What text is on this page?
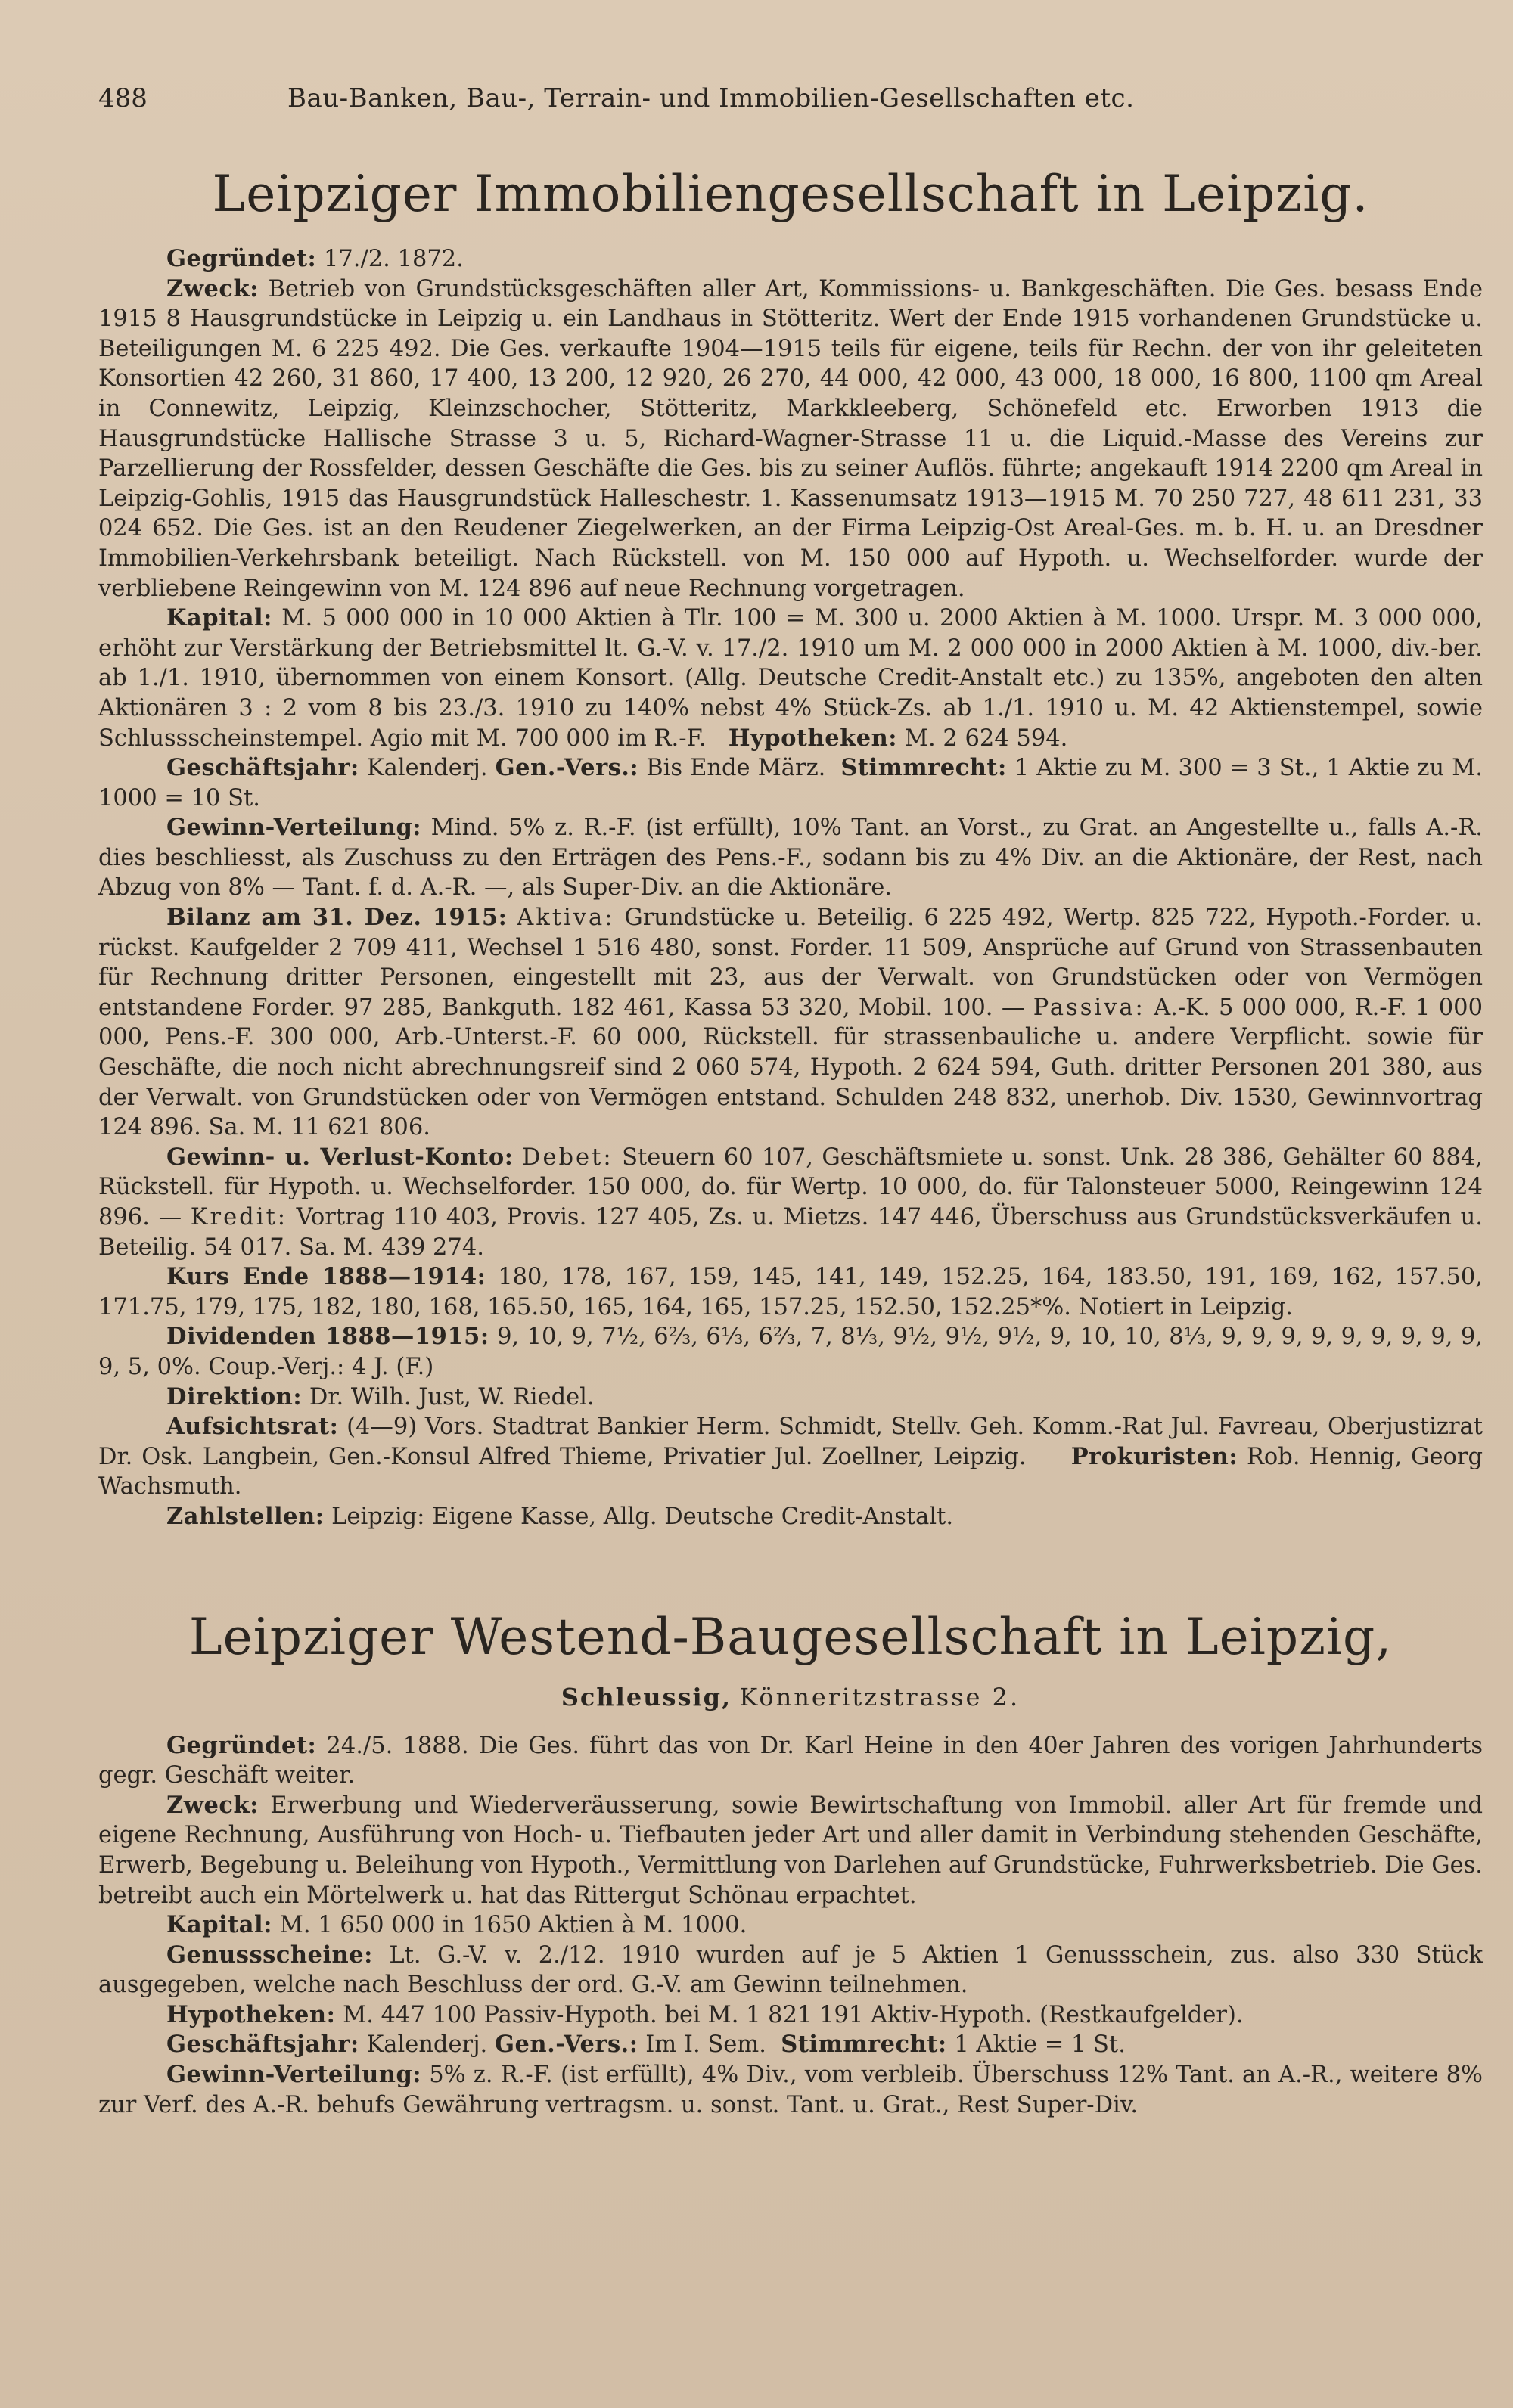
488	Bau-Banken, Bau-, Terrain- und Immobilien-Gesellschaften etc.
Leipziger Immobiliengesellschaft in Leipzig.

Gegründet: 17./2. 1872.

Zweck: Betrieb von Grundstücksgeschäften aller Art, Kommissions- u. Bankgeschäften. Die Ges. besass Ende 1915 8 Hausgrundstücke in Leipzig u. ein Landhaus in Stötteritz. Wert der Ende 1915 vorhandenen Grundstücke u. Beteiligungen M. 6 225 492. Die Ges. verkaufte 1904—1915 teils für eigene, teils für Rechn. der von ihr geleiteten Konsortien 42 260, 31 860, 17 400, 13 200, 12 920, 26 270, 44 000, 42 000, 43 000, 18 000, 16 800, 1100 qm Areal in Connewitz, Leipzig, Kleinzschocher, Stötteritz, Markkleeberg, Schönefeld etc. Erworben 1913 die Hausgrundstücke Hallische Strasse 3 u. 5, Richard-Wagner-Strasse 11 u. die Liquid.-Masse des Vereins zur Parzellierung der Rossfelder, dessen Geschäfte die Ges. bis zu seiner Auflös. führte; angekauft 1914 2200 qm Areal in Leipzig-Gohlis, 1915 das Hausgrundstück Halleschestr. 1. Kassenumsatz 1913—1915 M. 70 250 727, 48 611 231, 33 024 652. Die Ges. ist an den Reudener Ziegelwerken, an der Firma Leipzig-Ost Areal-Ges. m. b. H. u. an Dresdner Immobilien-Verkehrsbank beteiligt. Nach Rückstell. von M. 150 000 auf Hypoth. u. Wechselforder. wurde der verbliebene Reingewinn von M. 124 896 auf neue Rechnung vorgetragen.

Kapital: M. 5 000 000 in 10 000 Aktien à Tlr. 100 = M. 300 u. 2000 Aktien à M. 1000. Urspr. M. 3 000 000, erhöht zur Verstärkung der Betriebsmittel lt. G.-V. v. 17./2. 1910 um M. 2 000 000 in 2000 Aktien à M. 1000, div.-ber. ab 1./1. 1910, übernommen von einem Konsort. (Allg. Deutsche Credit-Anstalt etc.) zu 135%, angeboten den alten Aktionären 3 : 2 vom 8 bis 23./3. 1910 zu 140% nebst 4% Stück-Zs. ab 1./1. 1910 u. M. 42 Aktienstempel, sowie Schlussscheinstempel. Agio mit M. 700 000 im R.-F. Hypotheken: M. 2 624 594.

Geschäftsjahr: Kalenderj. Gen.-Vers.: Bis Ende März. Stimmrecht: 1 Aktie zu M. 300 = 3 St., 1 Aktie zu M. 1000 = 10 St.

Gewinn-Verteilung: Mind. 5% z. R.-F. (ist erfüllt), 10% Tant. an Vorst., zu Grat. an Angestellte u., falls A.-R. dies beschliesst, als Zuschuss zu den Erträgen des Pens.-F., sodann bis zu 4% Div. an die Aktionäre, der Rest, nach Abzug von 8% — Tant. f. d. A.-R. —, als Super-Div. an die Aktionäre.

Bilanz am 31. Dez. 1915: Aktiva: Grundstücke u. Beteilig. 6 225 492, Wertp. 825 722, Hypoth.-Forder. u. rückst. Kaufgelder 2 709 411, Wechsel 1 516 480, sonst. Forder. 11 509, Ansprüche auf Grund von Strassenbauten für Rechnung dritter Personen, eingestellt mit 23, aus der Verwalt. von Grundstücken oder von Vermögen entstandene Forder. 97 285, Bankguth. 182 461, Kassa 53 320, Mobil. 100. — Passiva: A.-K. 5 000 000, R.-F. 1 000 000, Pens.-F. 300 000, Arb.-Unterst.-F. 60 000, Rückstell. für strassenbauliche u. andere Verpflicht. sowie für Geschäfte, die noch nicht abrechnungsreif sind 2 060 574, Hypoth. 2 624 594, Guth. dritter Personen 201 380, aus der Verwalt. von Grundstücken oder von Vermögen entstand. Schulden 248 832, unerhob. Div. 1530, Gewinnvortrag 124 896. Sa. M. 11 621 806.

Gewinn- u. Verlust-Konto: Debet: Steuern 60 107, Geschäftsmiete u. sonst. Unk. 28 386, Gehälter 60 884, Rückstell. für Hypoth. u. Wechselforder. 150 000, do. für Wertp. 10 000, do. für Talonsteuer 5000, Reingewinn 124 896. — Kredit: Vortrag 110 403, Provis. 127 405, Zs. u. Mietzs. 147 446, Überschuss aus Grundstücksverkäufen u. Beteilig. 54 017. Sa. M. 439 274.

Kurs Ende 1888—1914: 180, 178, 167, 159, 145, 141, 149, 152.25, 164, 183.50, 191, 169, 162, 157.50, 171.75, 179, 175, 182, 180, 168, 165.50, 165, 164, 165, 157.25, 152.50, 152.25*%. Notiert in Leipzig.

Dividenden 1888—1915: 9, 10, 9, 7½, 6⅔, 6⅓, 6⅔, 7, 8⅓, 9½, 9½, 9½, 9, 10, 10, 8⅓, 9, 9, 9, 9, 9, 9, 9, 9, 9, 9, 5, 0%. Coup.-Verj.: 4 J. (F.)

Direktion: Dr. Wilh. Just, W. Riedel.

Aufsichtsrat: (4—9) Vors. Stadtrat Bankier Herm. Schmidt, Stellv. Geh. Komm.-Rat Jul. Favreau, Oberjustizrat Dr. Osk. Langbein, Gen.-Konsul Alfred Thieme, Privatier Jul. Zoellner, Leipzig. Prokuristen: Rob. Hennig, Georg Wachsmuth.

Zahlstellen: Leipzig: Eigene Kasse, Allg. Deutsche Credit-Anstalt.

Leipziger Westend-Baugesellschaft in Leipzig,
Schleussig, Könneritzstrasse 2.

Gegründet: 24./5. 1888. Die Ges. führt das von Dr. Karl Heine in den 40er Jahren des vorigen Jahrhunderts gegr. Geschäft weiter.

Zweck: Erwerbung und Wiederveräusserung, sowie Bewirtschaftung von Immobil. aller Art für fremde und eigene Rechnung, Ausführung von Hoch- u. Tiefbauten jeder Art und aller damit in Verbindung stehenden Geschäfte, Erwerb, Begebung u. Beleihung von Hypoth., Vermittlung von Darlehen auf Grundstücke, Fuhrwerksbetrieb. Die Ges. betreibt auch ein Mörtelwerk u. hat das Rittergut Schönau erpachtet.

Kapital: M. 1 650 000 in 1650 Aktien à M. 1000.

Genussscheine: Lt. G.-V. v. 2./12. 1910 wurden auf je 5 Aktien 1 Genussschein, zus. also 330 Stück ausgegeben, welche nach Beschluss der ord. G.-V. am Gewinn teilnehmen.

Hypotheken: M. 447 100 Passiv-Hypoth. bei M. 1 821 191 Aktiv-Hypoth. (Restkaufgelder).

Geschäftsjahr: Kalenderj. Gen.-Vers.: Im I. Sem. Stimmrecht: 1 Aktie = 1 St.

Gewinn-Verteilung: 5% z. R.-F. (ist erfüllt), 4% Div., vom verbleib. Überschuss 12% Tant. an A.-R., weitere 8% zur Verf. des A.-R. behufs Gewährung vertragsm. u. sonst. Tant. u. Grat., Rest Super-Div.
